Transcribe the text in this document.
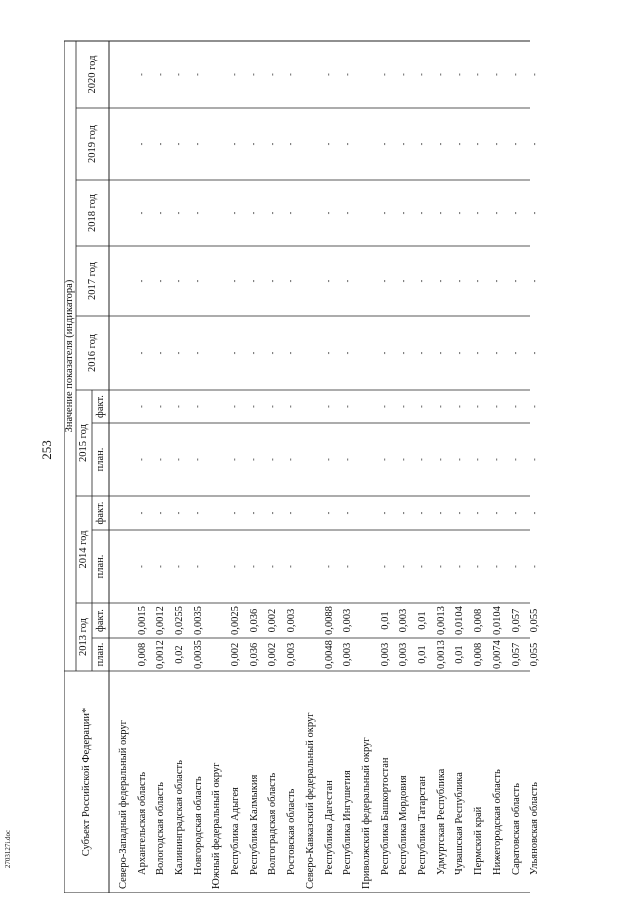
253
2703127i.doc	Субъект Российской Федерации*
Значение показателя (индикатора)
2013 год план.
факт.
2014 год план.
факт.
2015 год план.
факт.
2016 год
2017 год
2018 год
2019 год
2020 год
Северо-Западный федеральный округ Архангельская область
0,008
0,0015
-
-
-
-
-
-
-
-
-
Вологодская область
0,0012
0,0012
-
-
-
-
-
-
-
-
-
Калининградская область
0,02
0,0255
-
-
-
-
-
-
-
-
-
Новгородская область
0,0035
0,0035
-
-
-
-
-
-
-
-
-
Южный федеральный округ Республика Адыгея
0,002
0,0025
-
-
-
-
-
-
-
-
-
Республика Калмыкия
0,036
0,036
-
-
-
-
-
-
-
-
-
Волгоградская область
0,002
0,002
-
-
-
-
-
-
-
-
-
Ростовская область
0,003
0,003
-
-
-
-
-
-
-
-
-
Северо-Кавказский федеральный округ Республика Дагестан
0,0048
0,0088
-
-
-
-
-
-
-
-
-
Республика Ингушетия
0,003
0,003
-
-
-
-
-
-
-
-
-
Приволжский федеральный округ Республика Башкортостан
0,003
0,01
-
-
-
-
-
-
-
-
-
Республика Мордовия
0,003
0,003
-
-
-
-
-
-
-
-
-
Республика Татарстан
0,01
0,01
-
-
-
-
-
-
-
-
-
Удмуртская Республика
0,0013
0,0013
-
-
-
-
-
-
-
-
-
Чувашская Республика
0,01
0,0104
-
-
-
-
-
-
-
-
-
Пермский край
0,008
0,008
-
-
-
-
-
-
-
-
-
Нижегородская область
0,0074
0,0104
-
-
-
-
-
-
-
-
-
Саратовская область
0,057
0,057
-
-
-
-
-
-
-
-
-
Ульяновская область
0,055
0,055
-
-
-
-
-
-
-
-
-
